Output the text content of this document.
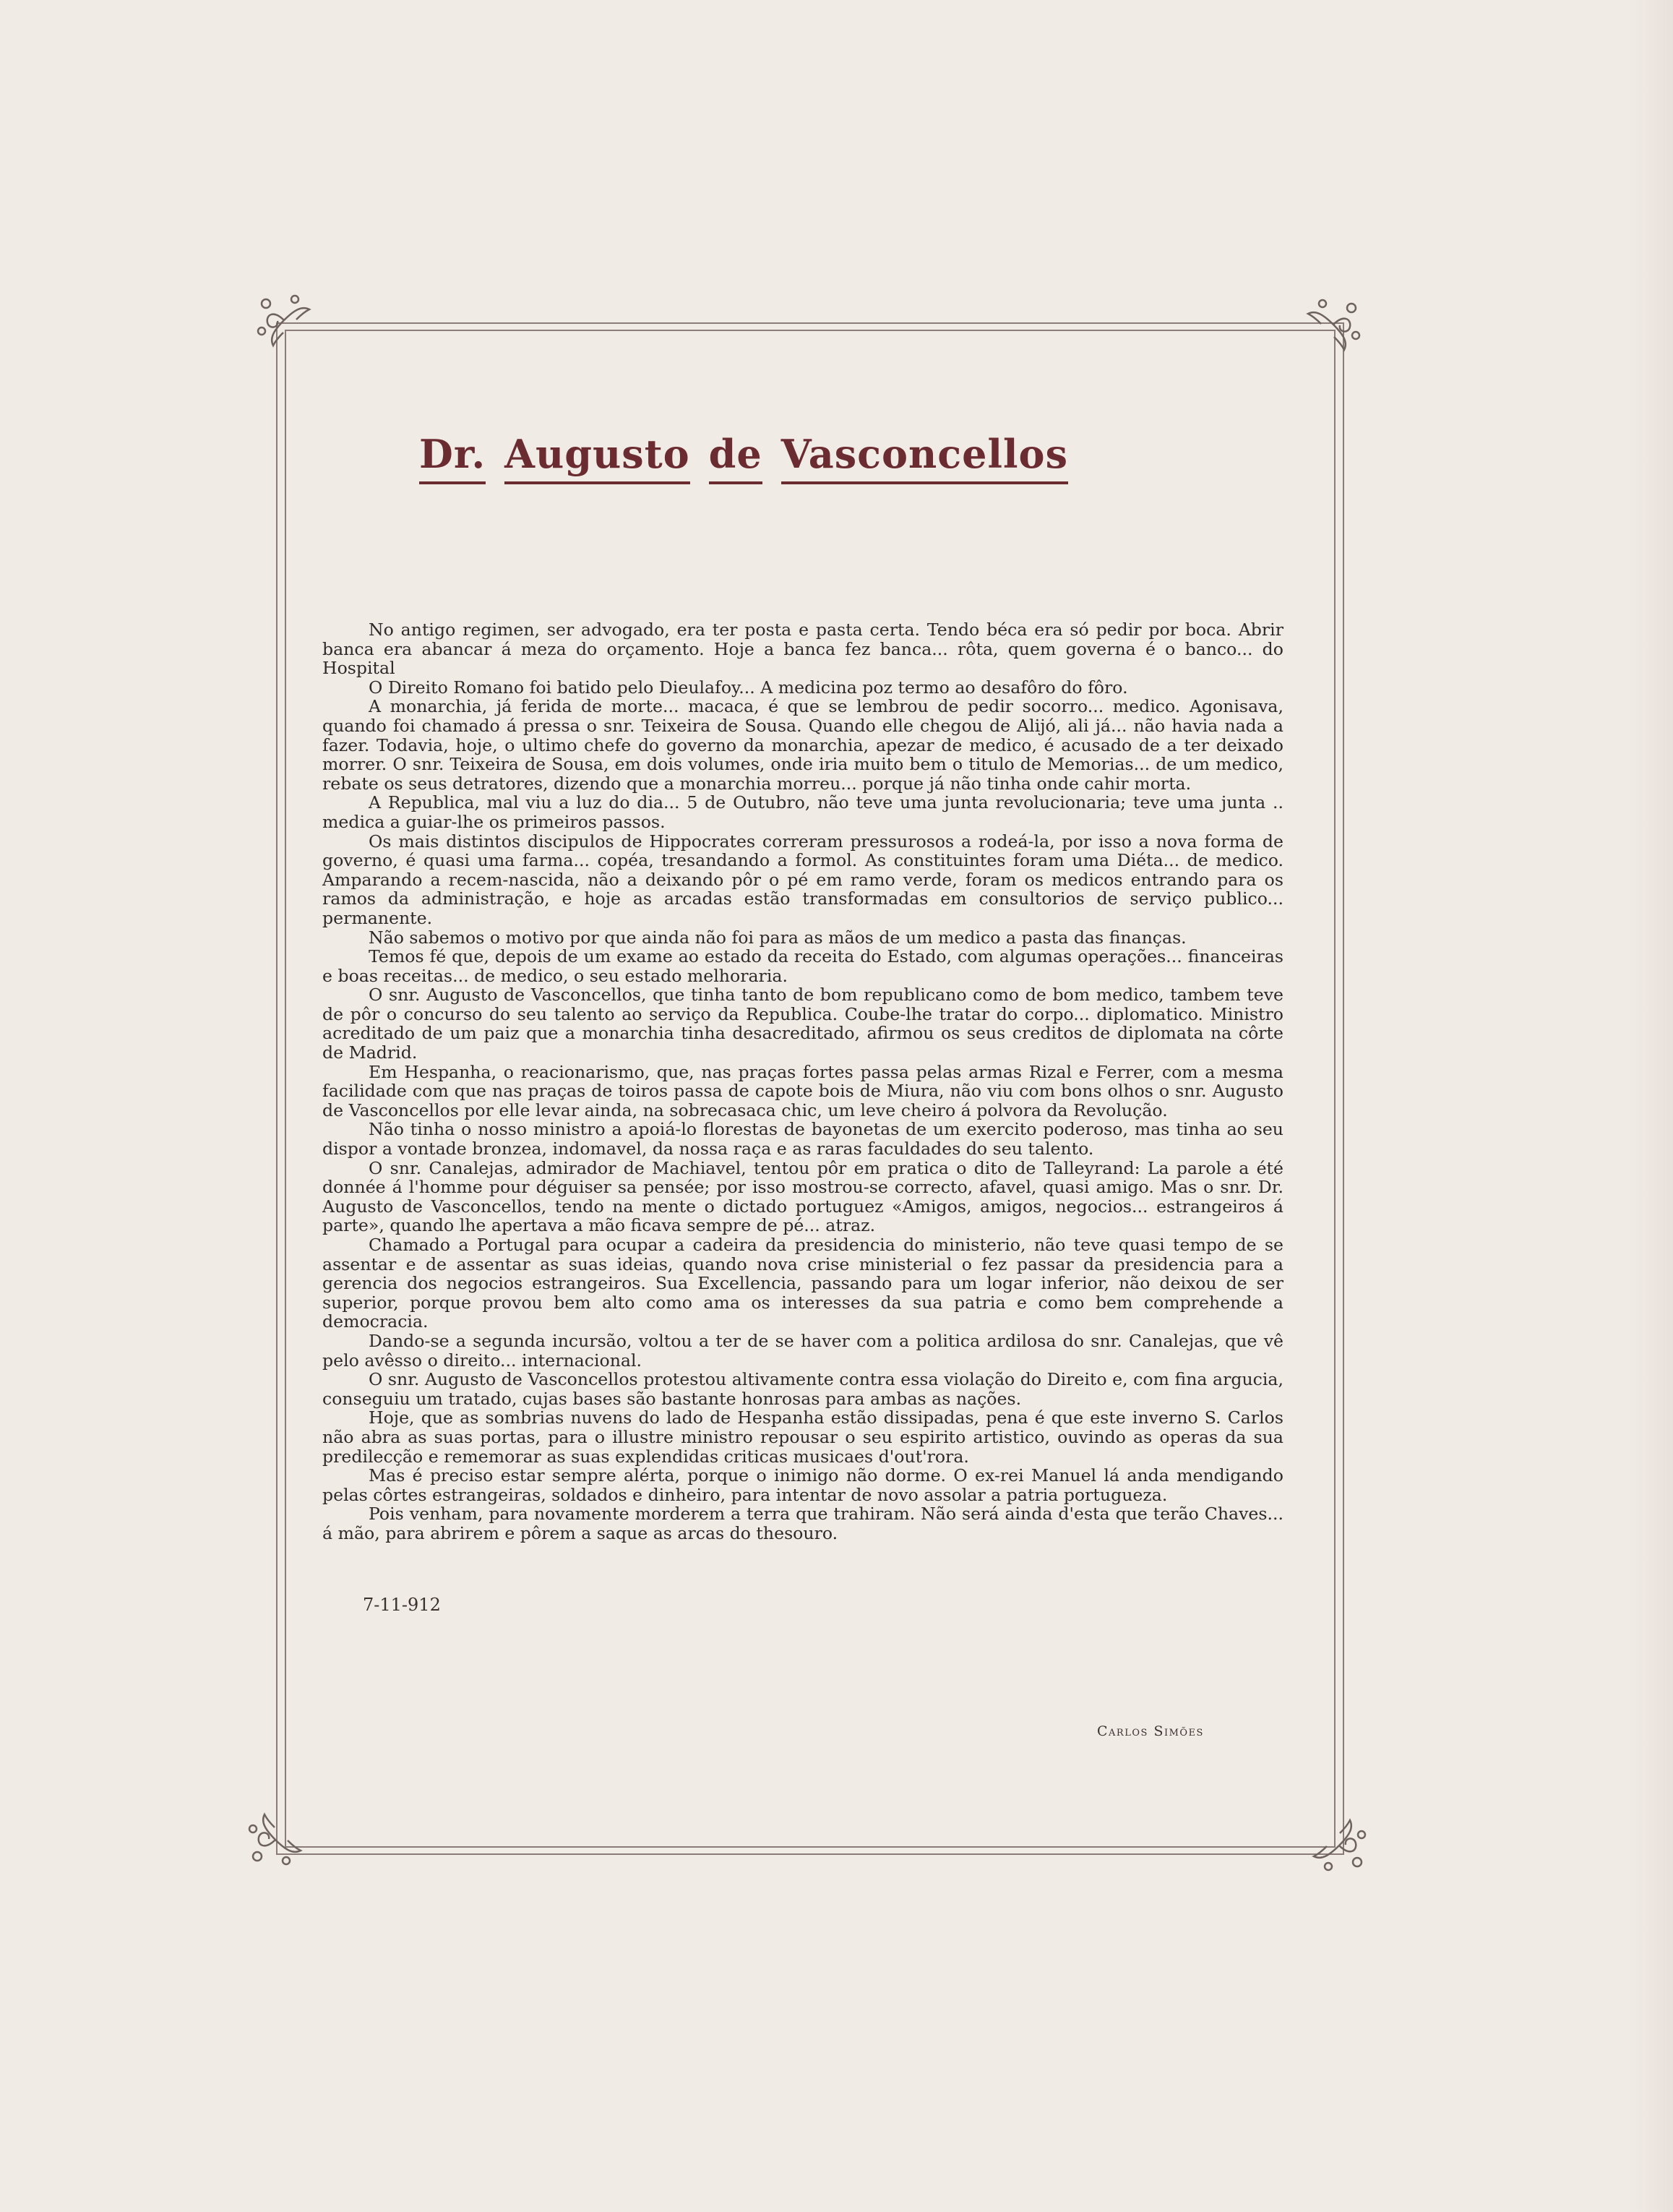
Dr. Augusto de Vasconcellos

No antigo regimen, ser advogado, era ter posta e pasta certa. Tendo béca era só pedir por boca. Abrir banca era abancar á meza do orçamento. Hoje a banca fez banca... rôta, quem governa é o banco... do Hospital

O Direito Romano foi batido pelo Dieulafoy... A medicina poz termo ao desafôro do fôro.

A monarchia, já ferida de morte... macaca, é que se lembrou de pedir socorro... medico. Agonisava, quando foi chamado á pressa o snr. Teixeira de Sousa. Quando elle chegou de Alijó, ali já... não havia nada a fazer. Todavia, hoje, o ultimo chefe do governo da monarchia, apezar de medico, é acusado de a ter deixado morrer. O snr. Teixeira de Sousa, em dois volumes, onde iria muito bem o titulo de Memorias... de um medico, rebate os seus detratores, dizendo que a monarchia morreu... porque já não tinha onde cahir morta.

A Republica, mal viu a luz do dia... 5 de Outubro, não teve uma junta revolucionaria; teve uma junta .. medica a guiar-lhe os primeiros passos.

Os mais distintos discipulos de Hippocrates correram pressurosos a rodeá-la, por isso a nova forma de governo, é quasi uma farma... copéa, tresandando a formol. As constituintes foram uma Diéta... de medico. Amparando a recem-nascida, não a deixando pôr o pé em ramo verde, foram os medicos entrando para os ramos da administração, e hoje as arcadas estão transformadas em consultorios de serviço publico... permanente.

Não sabemos o motivo por que ainda não foi para as mãos de um medico a pasta das finanças.

Temos fé que, depois de um exame ao estado da receita do Estado, com algumas operações... financeiras e boas receitas... de medico, o seu estado melhoraria.

O snr. Augusto de Vasconcellos, que tinha tanto de bom republicano como de bom medico, tambem teve de pôr o concurso do seu talento ao serviço da Republica. Coube-lhe tratar do corpo... diplomatico. Ministro acreditado de um paiz que a monarchia tinha desacreditado, afirmou os seus creditos de diplomata na côrte de Madrid.

Em Hespanha, o reacionarismo, que, nas praças fortes passa pelas armas Rizal e Ferrer, com a mesma facilidade com que nas praças de toiros passa de capote bois de Miura, não viu com bons olhos o snr. Augusto de Vasconcellos por elle levar ainda, na sobrecasaca chic, um leve cheiro á polvora da Revolução.

Não tinha o nosso ministro a apoiá-lo florestas de bayonetas de um exercito poderoso, mas tinha ao seu dispor a vontade bronzea, indomavel, da nossa raça e as raras faculdades do seu talento.

O snr. Canalejas, admirador de Machiavel, tentou pôr em pratica o dito de Talleyrand: La parole a été donnée á l'homme pour déguiser sa pensée; por isso mostrou-se correcto, afavel, quasi amigo. Mas o snr. Dr. Augusto de Vasconcellos, tendo na mente o dictado portuguez «Amigos, amigos, negocios... estrangeiros á parte», quando lhe apertava a mão ficava sempre de pé... atraz.

Chamado a Portugal para ocupar a cadeira da presidencia do ministerio, não teve quasi tempo de se assentar e de assentar as suas ideias, quando nova crise ministerial o fez passar da presidencia para a gerencia dos negocios estrangeiros. Sua Excellencia, passando para um logar inferior, não deixou de ser superior, porque provou bem alto como ama os interesses da sua patria e como bem comprehende a democracia.

Dando-se a segunda incursão, voltou a ter de se haver com a politica ardilosa do snr. Canalejas, que vê pelo avêsso o direito... internacional.

O snr. Augusto de Vasconcellos protestou altivamente contra essa violação do Direito e, com fina argucia, conseguiu um tratado, cujas bases são bastante honrosas para ambas as nações.

Hoje, que as sombrias nuvens do lado de Hespanha estão dissipadas, pena é que este inverno S. Carlos não abra as suas portas, para o illustre ministro repousar o seu espirito artistico, ouvindo as operas da sua predilecção e rememorar as suas explendidas criticas musicaes d'out'rora.

Mas é preciso estar sempre alérta, porque o inimigo não dorme. O ex-rei Manuel lá anda mendigando pelas côrtes estrangeiras, soldados e dinheiro, para intentar de novo assolar a patria portugueza.

Pois venham, para novamente morderem a terra que trahiram. Não será ainda d'esta que terão Chaves... á mão, para abrirem e pôrem a saque as arcas do thesouro.

7-11-912
Carlos Simões
